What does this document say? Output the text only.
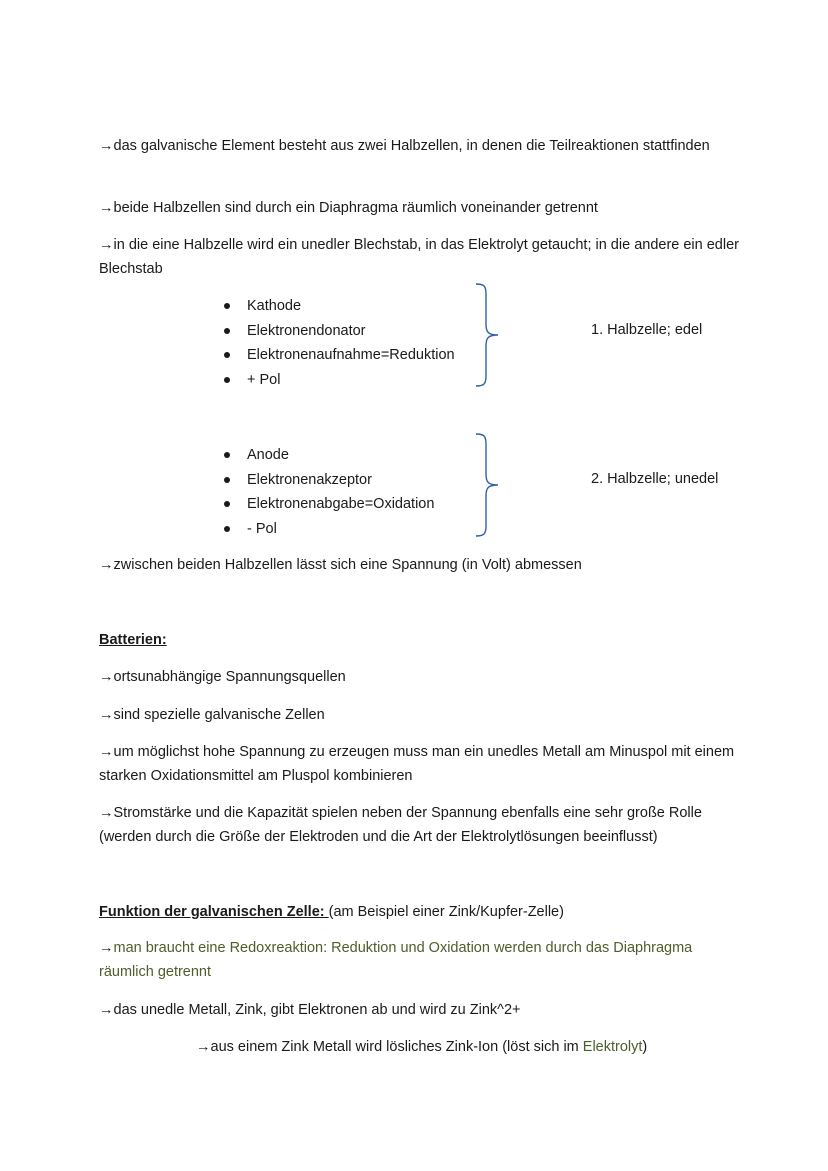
→das galvanische Element besteht aus zwei Halbzellen, in denen die Teilreaktionen stattfinden

→beide Halbzellen sind durch ein Diaphragma räumlich voneinander getrennt

→in die eine Halbzelle wird ein unedler Blechstab, in das Elektrolyt getaucht; in die andere ein edler Blechstab

Kathode
Elektronendonator
Elektronenaufnahme=Reduktion
+ Pol
1. Halbzelle; edel
Anode
Elektronenakzeptor
Elektronenabgabe=Oxidation
- Pol
2. Halbzelle; unedel

→zwischen beiden Halbzellen lässt sich eine Spannung (in Volt) abmessen

Batterien:

→ortsunabhängige Spannungsquellen

→sind spezielle galvanische Zellen

→um möglichst hohe Spannung zu erzeugen muss man ein unedles Metall am Minuspol mit einem starken Oxidationsmittel am Pluspol kombinieren

→Stromstärke und die Kapazität spielen neben der Spannung ebenfalls eine sehr große Rolle (werden durch die Größe der Elektroden und die Art der Elektrolytlösungen beeinflusst)

Funktion der galvanischen Zelle: (am Beispiel einer Zink/Kupfer-Zelle)

→man braucht eine Redoxreaktion: Reduktion und Oxidation werden durch das Diaphragma räumlich getrennt

→das unedle Metall, Zink, gibt Elektronen ab und wird zu Zink^2+

→aus einem Zink Metall wird lösliches Zink-Ion (löst sich im Elektrolyt)
